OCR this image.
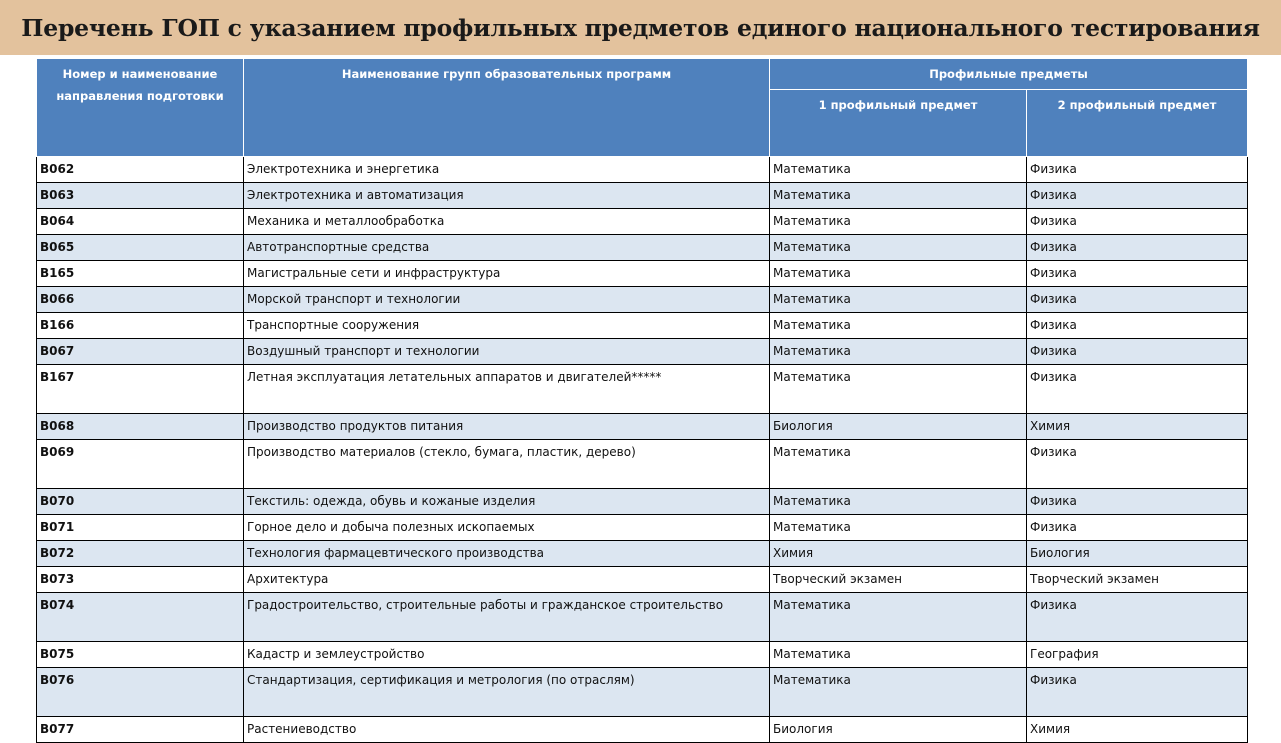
Перечень ГОП с указанием профильных предметов единого национального тестирования
Номер и наименование направления подготовки	Наименование групп образовательных программ	Профильные предметы	
		1 профильный предмет	2 профильный предмет
B062	Электротехника и энергетика	Математика	Физика
B063	Электротехника и автоматизация	Математика	Физика
B064	Механика и металлообработка	Математика	Физика
B065	Автотранспортные средства	Математика	Физика
B165	Магистральные сети и инфраструктура	Математика	Физика
B066	Морской транспорт и технологии	Математика	Физика
B166	Транспортные сооружения	Математика	Физика
B067	Воздушный транспорт и технологии	Математика	Физика
B167	Летная эксплуатация летательных аппаратов и двигателей*****	Математика	Физика
B068	Производство продуктов питания	Биология	Химия
B069	Производство материалов (стекло, бумага, пластик, дерево)	Математика	Физика
B070	Текстиль: одежда, обувь и кожаные изделия	Математика	Физика
B071	Горное дело и добыча полезных ископаемых	Математика	Физика
B072	Технология фармацевтического производства	Химия	Биология
B073	Архитектура	Творческий экзамен	Творческий экзамен
B074	Градостроительство, строительные работы и гражданское строительство	Математика	Физика
B075	Кадастр и землеустройство	Математика	География
B076	Стандартизация, сертификация и метрология (по отраслям)	Математика	Физика
B077	Растениеводство	Биология	Химия
